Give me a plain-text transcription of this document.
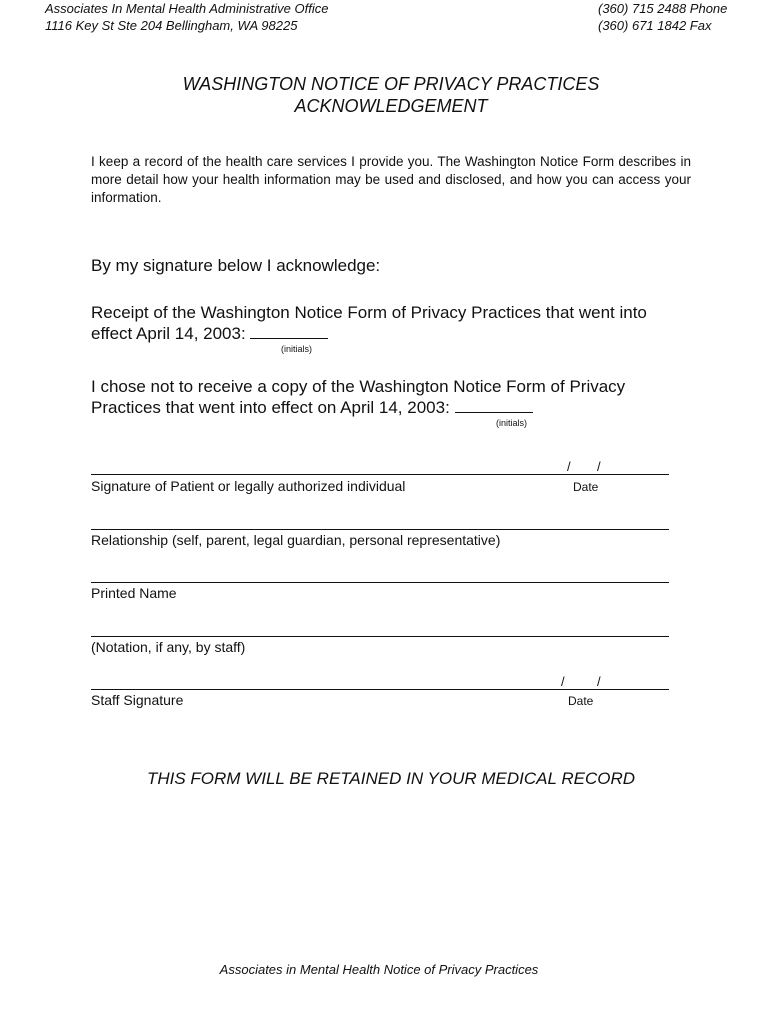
Associates In Mental Health Administrative Office
1116 Key St Ste 204 Bellingham, WA 98225
(360) 715 2488 Phone
(360) 671 1842 Fax
WASHINGTON NOTICE OF PRIVACY PRACTICES
ACKNOWLEDGEMENT
I keep a record of the health care services I provide you. The Washington Notice Form describes in more detail how your health information may be used and disclosed, and how you can access your information.
By my signature below I acknowledge:
Receipt of the Washington Notice Form of Privacy Practices that went into
effect April 14, 2003:
(initials)
I chose not to receive a copy of the Washington Notice Form of Privacy
Practices that went into effect on April 14, 2003:
(initials)
/ /
Signature of Patient or legally authorized individual	Date
Relationship (self, parent, legal guardian, personal representative)
Printed Name
(Notation, if any, by staff)
/ /
Staff Signature	Date
THIS FORM WILL BE RETAINED IN YOUR MEDICAL RECORD
Associates in Mental Health Notice of Privacy Practices
